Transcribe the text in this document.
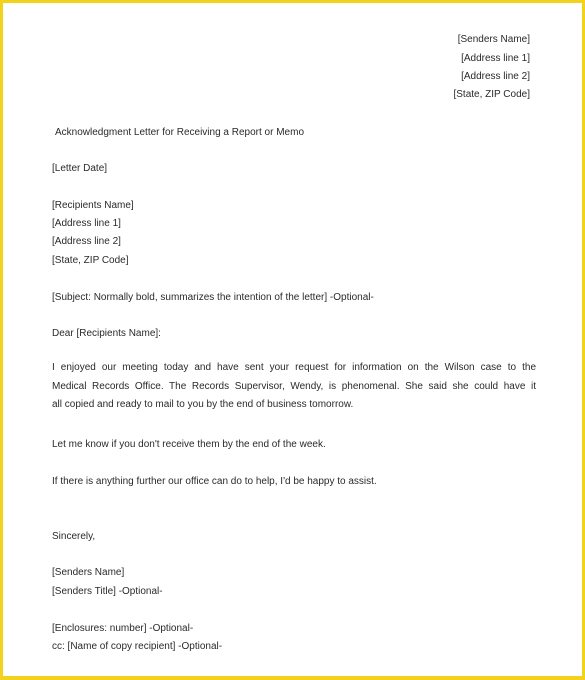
[Senders Name]
[Address line 1]
[Address line 2]
[State, ZIP Code]
Acknowledgment Letter for Receiving a Report or Memo
[Letter Date]
[Recipients Name]
[Address line 1]
[Address line 2]
[State, ZIP Code]
[Subject: Normally bold, summarizes the intention of the letter] -Optional-
Dear [Recipients Name]:
I enjoyed our meeting today and have sent your request for information on the Wilson case to the
Medical Records Office. The Records Supervisor, Wendy, is phenomenal. She said she could have it
all copied and ready to mail to you by the end of business tomorrow.
Let me know if you don't receive them by the end of the week.
If there is anything further our office can do to help, I'd be happy to assist.
Sincerely,
[Senders Name]
[Senders Title] -Optional-
[Enclosures: number] -Optional-
cc: [Name of copy recipient] -Optional-
